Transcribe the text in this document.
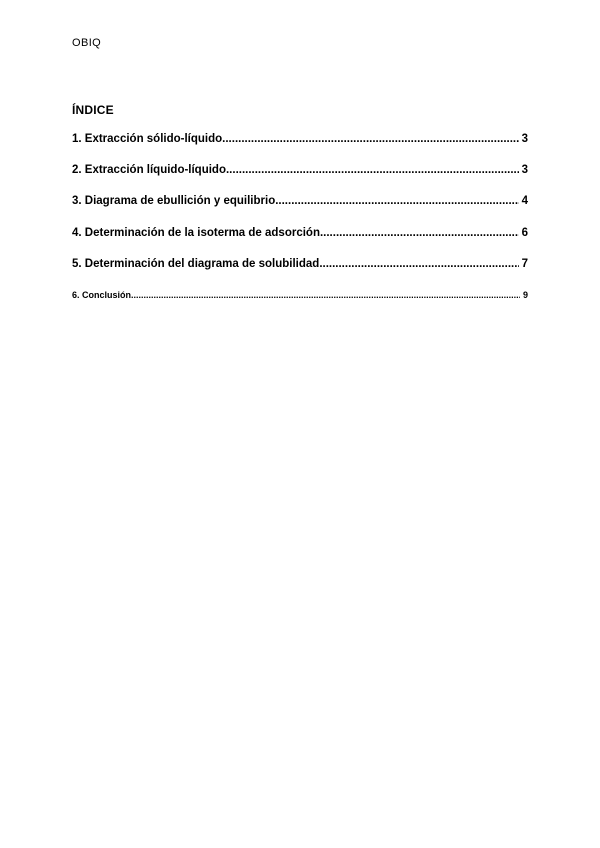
OBIQ
ÍNDICE
1. Extracción sólido-líquido .....	3
2. Extracción líquido-líquido .....	3
3. Diagrama de ebullición y equilibrio .....	4
4. Determinación de la isoterma de adsorción .....	6
5. Determinación del diagrama de solubilidad .....	7
6. Conclusión .....	9
